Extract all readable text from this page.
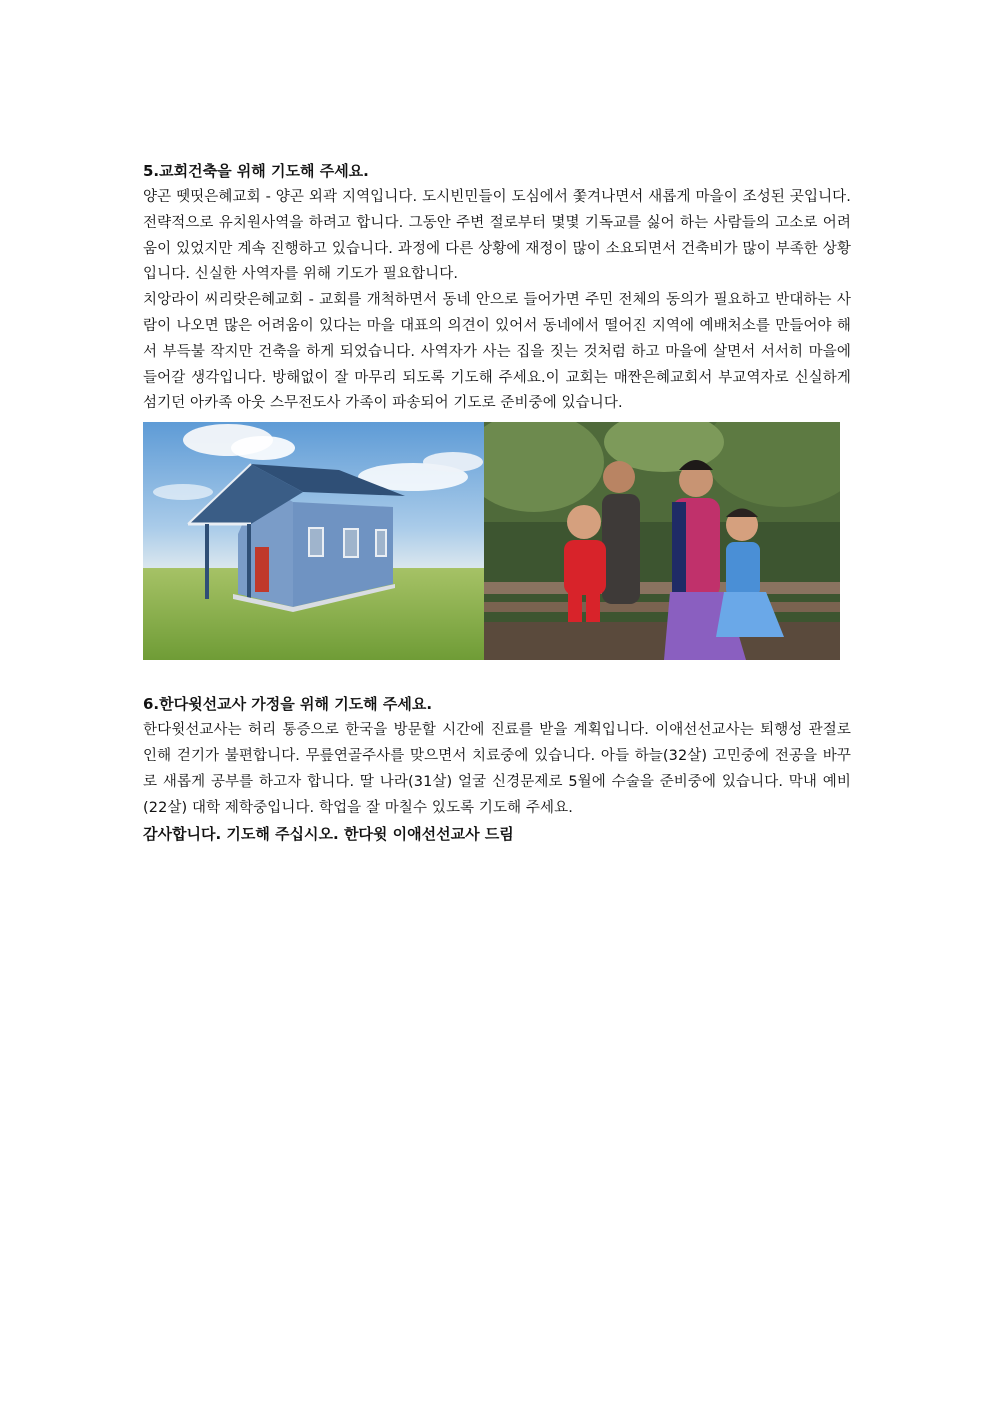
5.교회건축을 위해 기도해 주세요.

양곤 뗏띳은혜교회 - 양곤 외곽 지역입니다. 도시빈민들이 도심에서 쫓겨나면서 새롭게 마을이 조성된 곳입니다. 전략적으로 유치원사역을 하려고 합니다. 그동안 주변 절로부터 몇몇 기독교를 싫어 하는 사람들의 고소로 어려움이 있었지만 계속 진행하고 있습니다. 과정에 다른 상황에 재정이 많이 소요되면서 건축비가 많이 부족한 상황입니다. 신실한 사역자를 위해 기도가 필요합니다.

치앙라이 씨리랏은혜교회 - 교회를 개척하면서 동네 안으로 들어가면 주민 전체의 동의가 필요하고 반대하는 사람이 나오면 많은 어려움이 있다는 마을 대표의 의견이 있어서 동네에서 떨어진 지역에 예배처소를 만들어야 해서 부득불 작지만 건축을 하게 되었습니다. 사역자가 사는 집을 짓는 것처럼 하고 마을에 살면서 서서히 마을에 들어갈 생각입니다. 방해없이 잘 마무리 되도록 기도해 주세요.이 교회는 매짠은혜교회서 부교역자로 신실하게 섬기던 아카족 아웃 스무전도사 가족이 파송되어 기도로 준비중에 있습니다.

6.한다윗선교사 가정을 위해 기도해 주세요.

한다윗선교사는 허리 통증으로 한국을 방문할 시간에 진료를 받을 계획입니다. 이애선선교사는 퇴행성 관절로 인해 걷기가 불편합니다. 무릎연골주사를 맞으면서 치료중에 있습니다. 아들 하늘(32살) 고민중에 전공을 바꾸로 새롭게 공부를 하고자 합니다. 딸 나라(31살) 얼굴 신경문제로 5월에 수술을 준비중에 있습니다. 막내 예비(22살) 대학 제학중입니다. 학업을 잘 마칠수 있도록 기도해 주세요.

감사합니다. 기도해 주십시오. 한다윗 이애선선교사 드림
